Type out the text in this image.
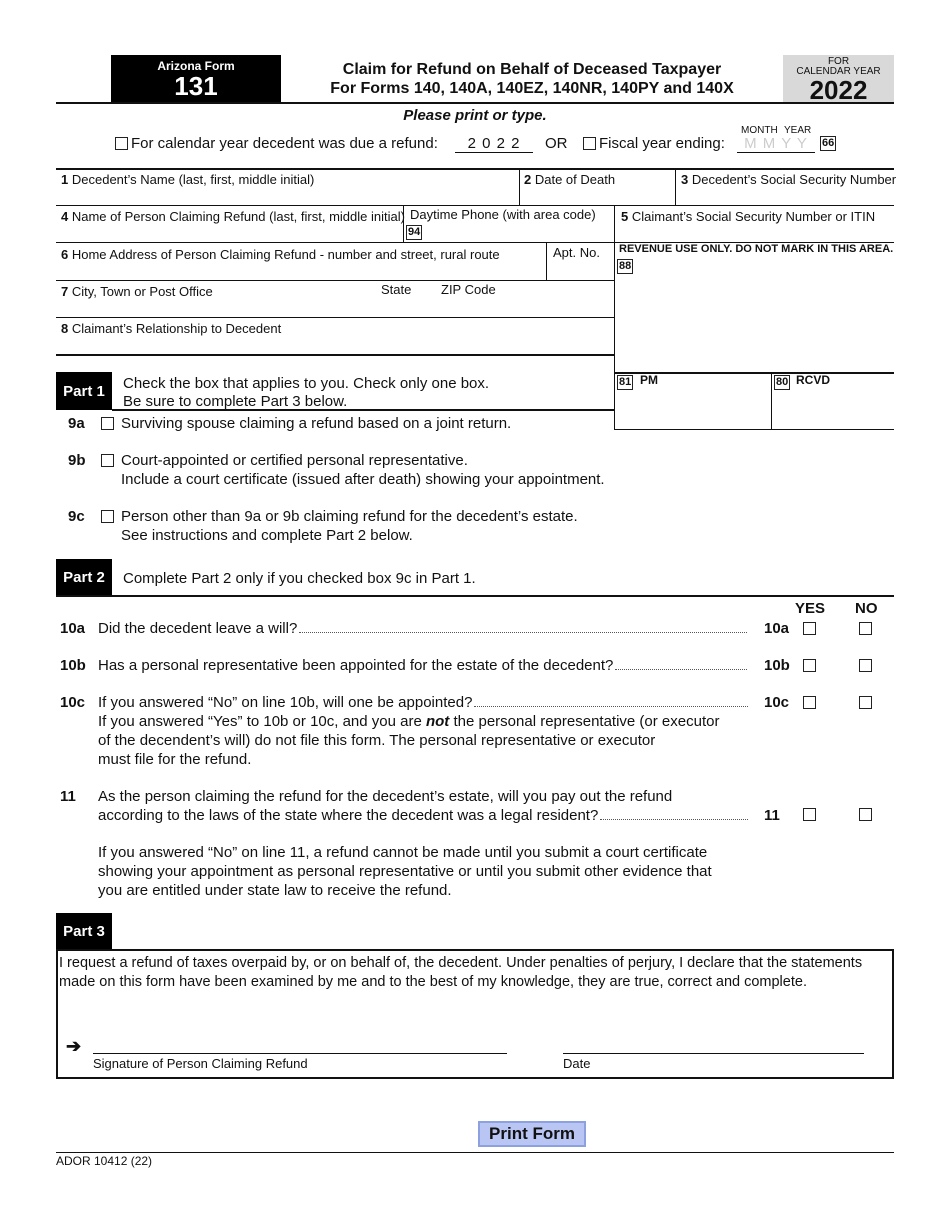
Arizona Form
131
Claim for Refund on Behalf of Deceased Taxpayer
For Forms 140, 140A, 140EZ, 140NR, 140PY and 140X
FOR
CALENDAR YEAR
2022
Please print or type.
For calendar year decedent was due a refund:	2 0 2 2	OR Fiscal year ending:
MONTH YEAR
M M Y Y	66
1 Decedent’s Name (last, first, middle initial)	2 Date of Death	3 Decedent’s Social Security Number
4 Name of Person Claiming Refund (last, first, middle initial) Daytime Phone (with area code)
94
5 Claimant’s Social Security Number or ITIN
6 Home Address of Person Claiming Refund - number and street, rural route	Apt. No. REVENUE USE ONLY. DO NOT MARK IN THIS AREA.
88
7 City, Town or Post Office	State ZIP Code
8 Claimant’s Relationship to Decedent
81 PM	80 RCVD
Part 1	Check the box that applies to you. Check only one box.
Be sure to complete Part 3 below.
9a Surviving spouse claiming a refund based on a joint return.
9b Court-appointed or certified personal representative.
Include a court certificate (issued after death) showing your appointment.
9c Person other than 9a or 9b claiming refund for the decedent’s estate.
See instructions and complete Part 2 below.
Part 2	Complete Part 2 only if you checked box 9c in Part 1.
YES NO
10a Did the decedent leave a will?	10a
10b Has a personal representative been appointed for the estate of the decedent?	10b
10c If you answered “No” on line 10b, will one be appointed?	10c
If you answered “Yes” to 10b or 10c, and you are not the personal representative (or executor
of the decendent’s will) do not file this form. The personal representative or executor
must file for the refund.
11 As the person claiming the refund for the decedent’s estate, will you pay out the refund
according to the laws of the state where the decedent was a legal resident?	11
If you answered “No” on line 11, a refund cannot be made until you submit a court certificate
showing your appointment as personal representative or until you submit other evidence that
you are entitled under state law to receive the refund.
Part 3
I request a refund of taxes overpaid by, or on behalf of, the decedent. Under penalties of perjury, I declare that the statements
made on this form have been examined by me and to the best of my knowledge, they are true, correct and complete.
➔
Signature of Person Claiming Refund	Date
Print Form
ADOR 10412 (22)
